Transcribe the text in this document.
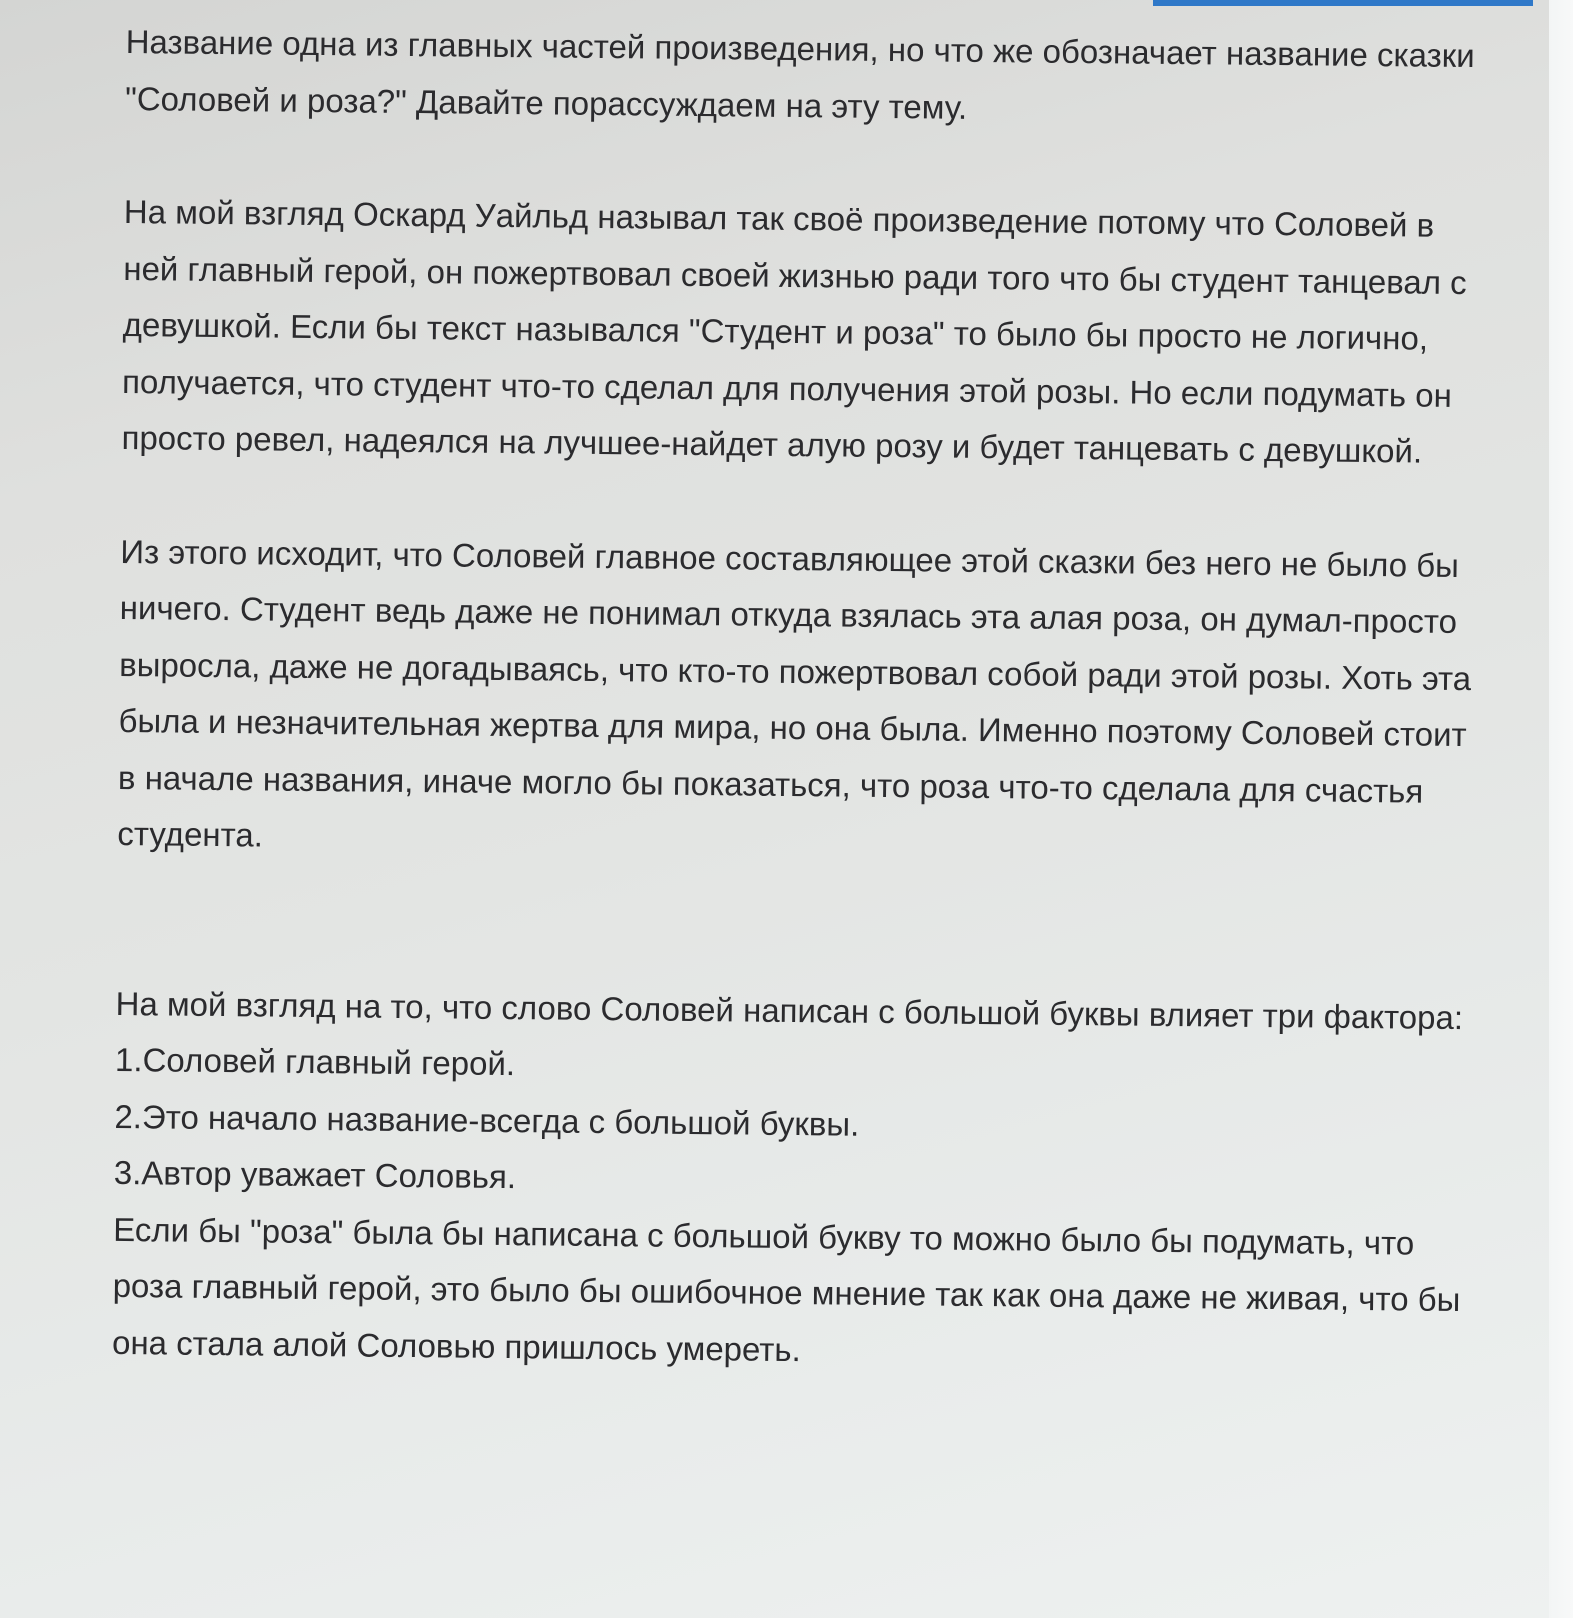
Название одна из главных частей произведения, но что же обозначает название сказки "Соловей и роза?" Давайте порассуждаем на эту тему.

На мой взгляд Оскард Уайльд называл так своё произведение потому что Соловей в ней главный герой, он пожертвовал своей жизнью ради того что бы студент танцевал с девушкой. Если бы текст назывался "Студент и роза" то было бы просто не логично, получается, что студент что-то сделал для получения этой розы. Но если подумать он просто ревел, надеялся на лучшее-найдет алую розу и будет танцевать с девушкой.

Из этого исходит, что Соловей главное составляющее этой сказки без него не было бы ничего. Студент ведь даже не понимал откуда взялась эта алая роза, он думал-просто выросла, даже не догадываясь, что кто-то пожертвовал собой ради этой розы. Хоть эта была и незначительная жертва для мира, но она была. Именно поэтому Соловей стоит в начале названия, иначе могло бы показаться, что роза что-то сделала для счастья студента.

На мой взгляд на то, что слово Соловей написан с большой буквы влияет три фактора:

1.Соловей главный герой.

2.Это начало название-всегда с большой буквы.

3.Автор уважает Соловья.

Если бы "роза" была бы написана с большой букву то можно было бы подумать, что роза главный герой, это было бы ошибочное мнение так как она даже не живая, что бы она стала алой Соловью пришлось умереть.
